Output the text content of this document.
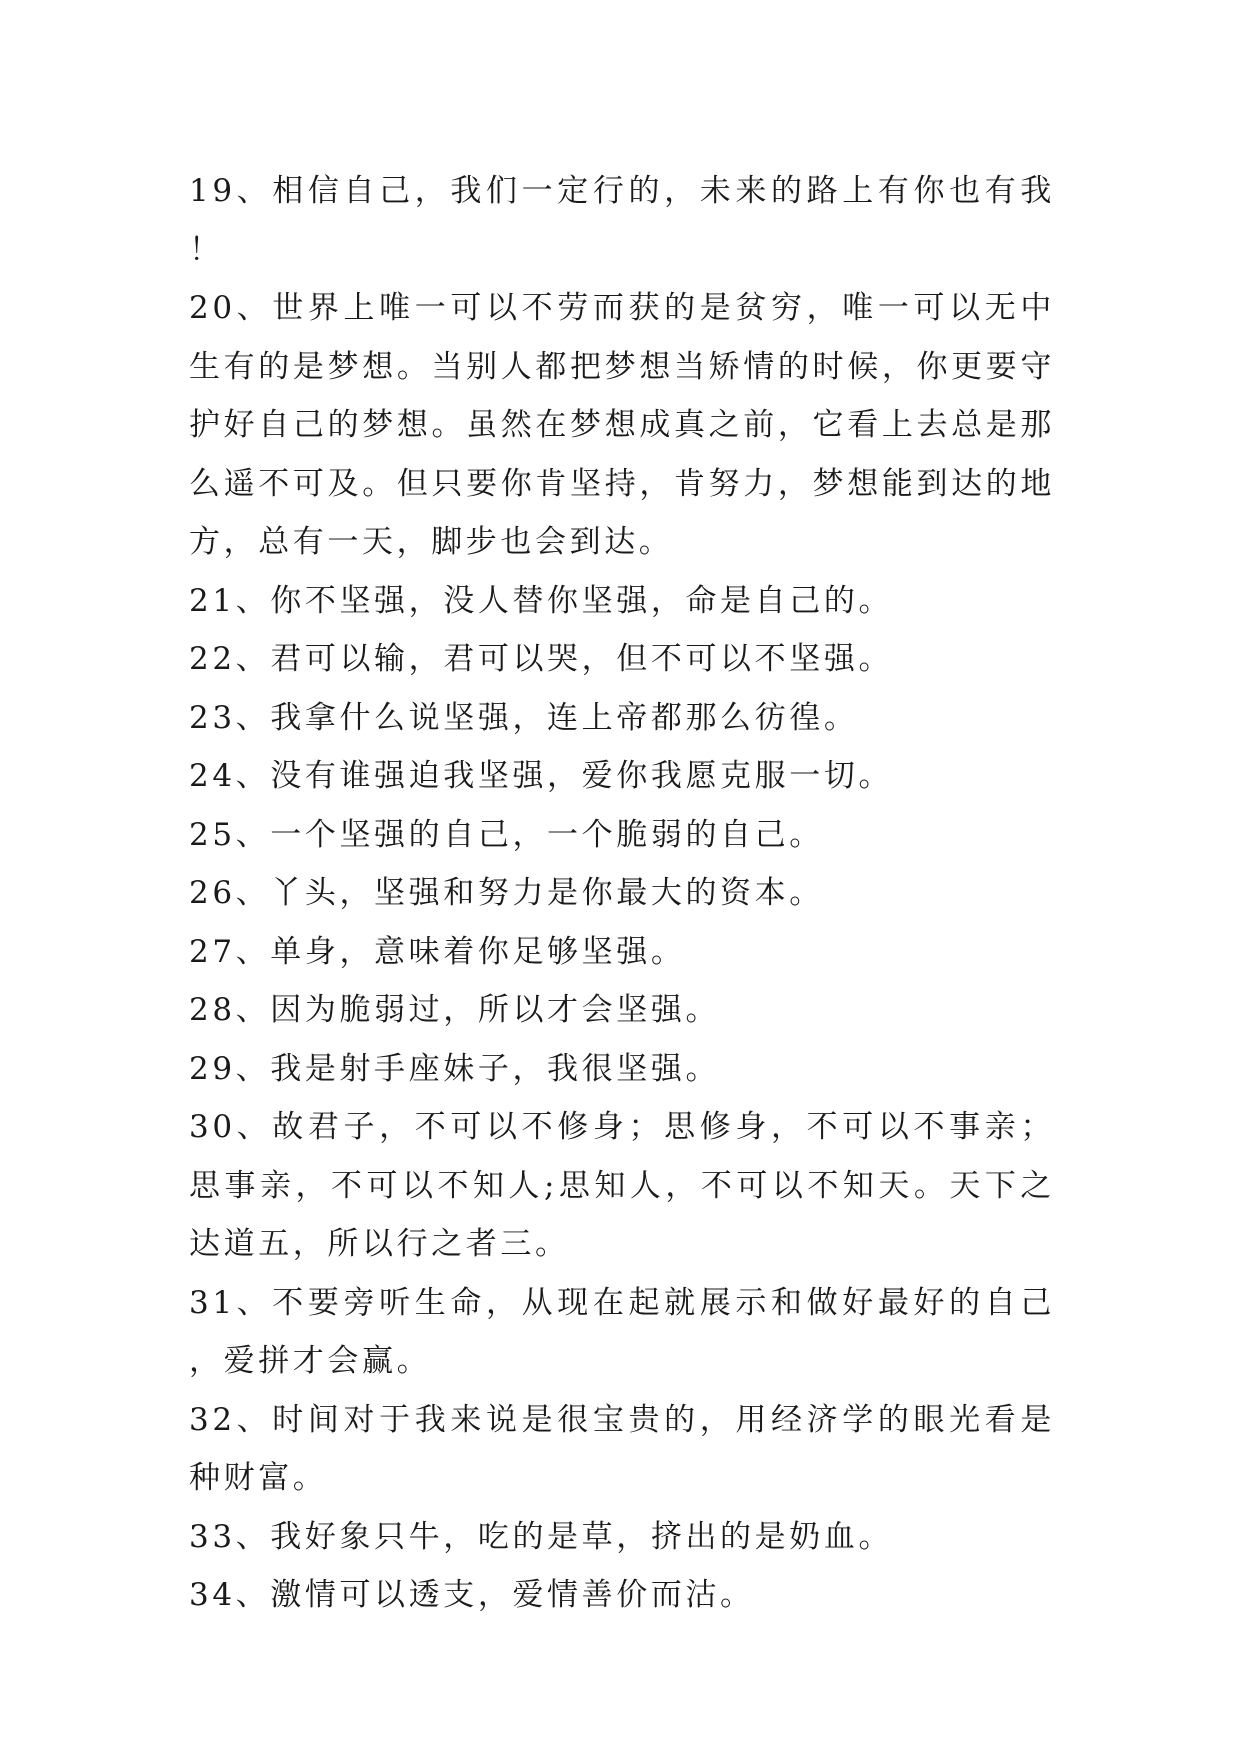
19、相信自己，我们一定行的，未来的路上有你也有我！

20、世界上唯一可以不劳而获的是贫穷，唯一可以无中生有的是梦想。当别人都把梦想当矫情的时候，你更要守护好自己的梦想。虽然在梦想成真之前，它看上去总是那么遥不可及。但只要你肯坚持，肯努力，梦想能到达的地方，总有一天，脚步也会到达。

21、你不坚强，没人替你坚强，命是自己的。

22、君可以输，君可以哭，但不可以不坚强。

23、我拿什么说坚强，连上帝都那么彷徨。

24、没有谁强迫我坚强，爱你我愿克服一切。

25、一个坚强的自己，一个脆弱的自己。

26、丫头，坚强和努力是你最大的资本。

27、单身，意味着你足够坚强。

28、因为脆弱过，所以才会坚强。

29、我是射手座妹子，我很坚强。

30、故君子，不可以不修身；思修身，不可以不事亲；思事亲，不可以不知人;思知人，不可以不知天。天下之达道五，所以行之者三。

31、不要旁听生命，从现在起就展示和做好最好的自己，爱拼才会赢。

32、时间对于我来说是很宝贵的，用经济学的眼光看是种财富。

33、我好象只牛，吃的是草，挤出的是奶血。

34、激情可以透支，爱情善价而沽。
